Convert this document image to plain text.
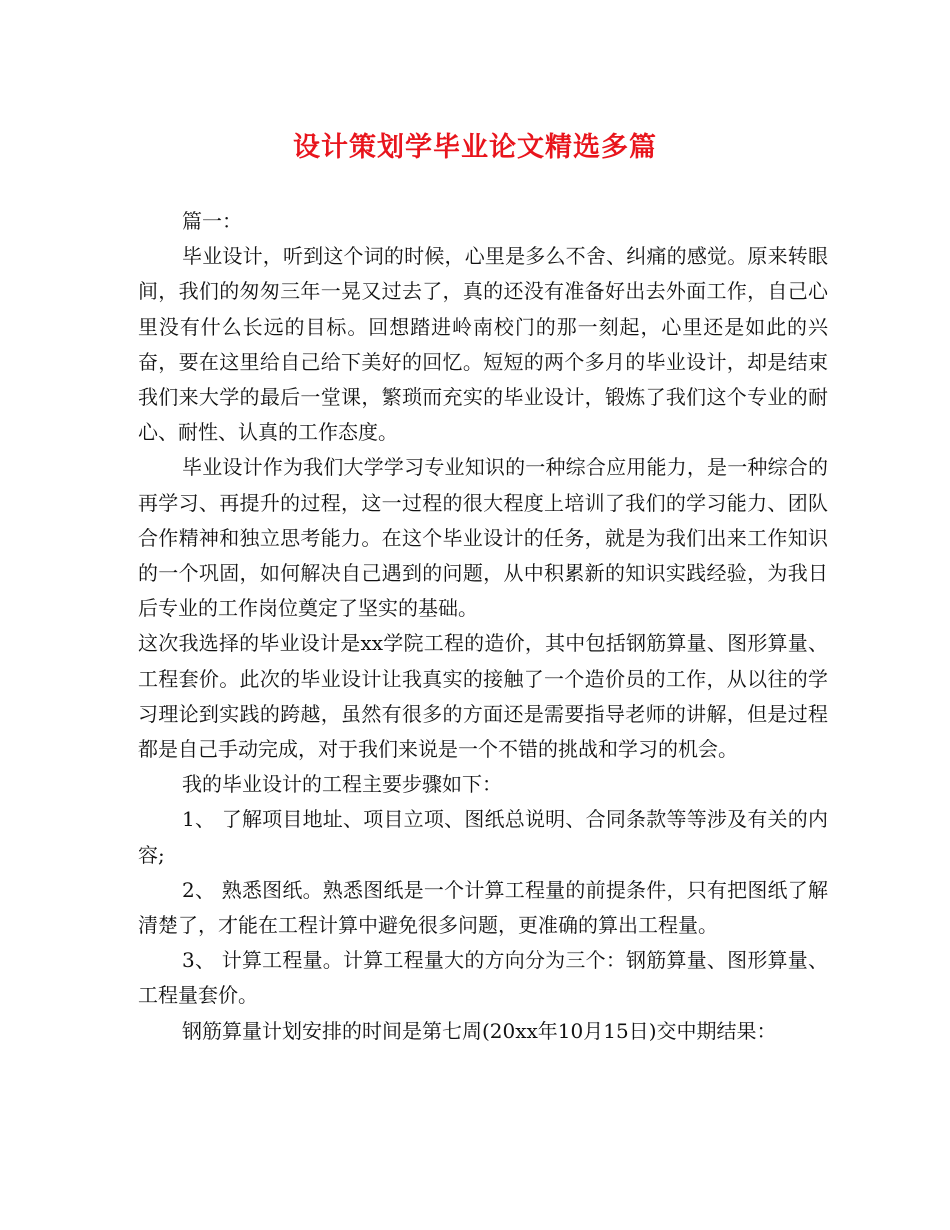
设计策划学毕业论文精选多篇

篇一：

毕业设计，听到这个词的时候，心里是多么不舍、纠痛的感觉。原来转眼间，我们的匆匆三年一晃又过去了，真的还没有准备好出去外面工作，自己心里没有什么长远的目标。回想踏进岭南校门的那一刻起，心里还是如此的兴奋，要在这里给自己给下美好的回忆。短短的两个多月的毕业设计，却是结束我们来大学的最后一堂课，繁琐而充实的毕业设计，锻炼了我们这个专业的耐心、耐性、认真的工作态度。

毕业设计作为我们大学学习专业知识的一种综合应用能力，是一种综合的再学习、再提升的过程，这一过程的很大程度上培训了我们的学习能力、团队合作精神和独立思考能力。在这个毕业设计的任务，就是为我们出来工作知识的一个巩固，如何解决自己遇到的问题，从中积累新的知识实践经验，为我日后专业的工作岗位奠定了坚实的基础。

这次我选择的毕业设计是xx学院工程的造价，其中包括钢筋算量、图形算量、工程套价。此次的毕业设计让我真实的接触了一个造价员的工作，从以往的学习理论到实践的跨越，虽然有很多的方面还是需要指导老师的讲解，但是过程都是自己手动完成，对于我们来说是一个不错的挑战和学习的机会。

我的毕业设计的工程主要步骤如下：

1、 了解项目地址、项目立项、图纸总说明、合同条款等等涉及有关的内容;

2、 熟悉图纸。熟悉图纸是一个计算工程量的前提条件，只有把图纸了解清楚了，才能在工程计算中避免很多问题，更准确的算出工程量。

3、 计算工程量。计算工程量大的方向分为三个：钢筋算量、图形算量、工程量套价。

钢筋算量计划安排的时间是第七周(20xx年10月15日)交中期结果：
